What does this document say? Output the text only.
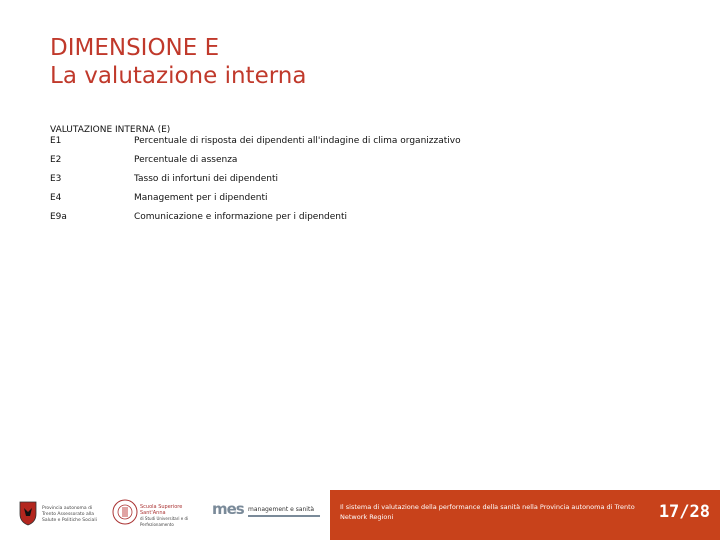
DIMENSIONE E
La valutazione interna
VALUTAZIONE INTERNA (E)
E1	Percentuale di risposta dei dipendenti all'indagine di clima organizzativo
E2	Percentuale di assenza
E3	Tasso di infortuni dei dipendenti
E4	Management per i dipendenti
E9a	Comunicazione e informazione per i dipendenti
Provincia autonoma di Trento Assessorato alla Salute e Politiche Sociali
Scuola Superiore Sant'Anna
di Studi Universitari e di Perfezionamento
mes management e sanità	Il sistema di valutazione della performance della sanità nella Provincia autonoma di Trento
Network Regioni	17/28
